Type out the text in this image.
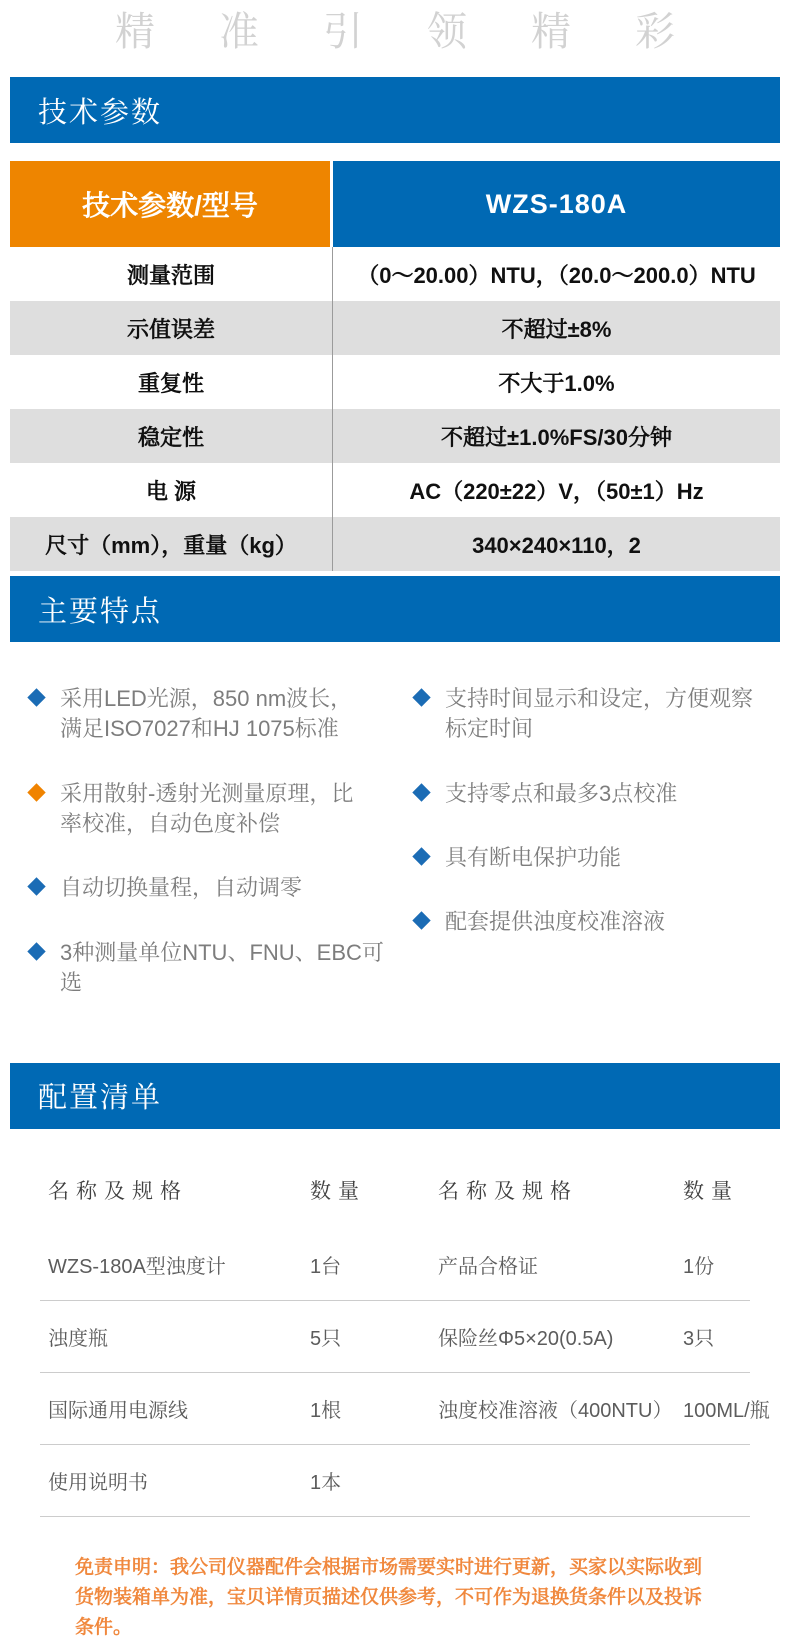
精准引领精彩
技术参数
技术参数/型号	WZS-180A
测量范围	（0～20.00）NTU，（20.0～200.0）NTU
示值误差	不超过±8%
重复性	不大于1.0%
稳定性	不超过±1.0%FS/30分钟
电 源	AC（220±22）V，（50±1）Hz
尺寸（mm），重量（kg）	340×240×110，2
主要特点
采用LED光源，850 nm波长，满足ISO7027和HJ 1075标准
采用散射-透射光测量原理，比率校准，自动色度补偿
自动切换量程，自动调零
3种测量单位NTU、FNU、EBC可选
支持时间显示和设定，方便观察标定时间
支持零点和最多3点校准
具有断电保护功能
配套提供浊度校准溶液
配置清单
名称及规格	数量	名称及规格	数量
WZS-180A型浊度计	1台	产品合格证	1份
浊度瓶	5只	保险丝Φ5×20(0.5A)	3只
国际通用电源线	1根	浊度校准溶液（400NTU） 100ML/瓶
使用说明书	1本
免责申明：我公司仪器配件会根据市场需要实时进行更新，买家以实际收到货物装箱单为准，宝贝详情页描述仅供参考，不可作为退换货条件以及投诉条件。
